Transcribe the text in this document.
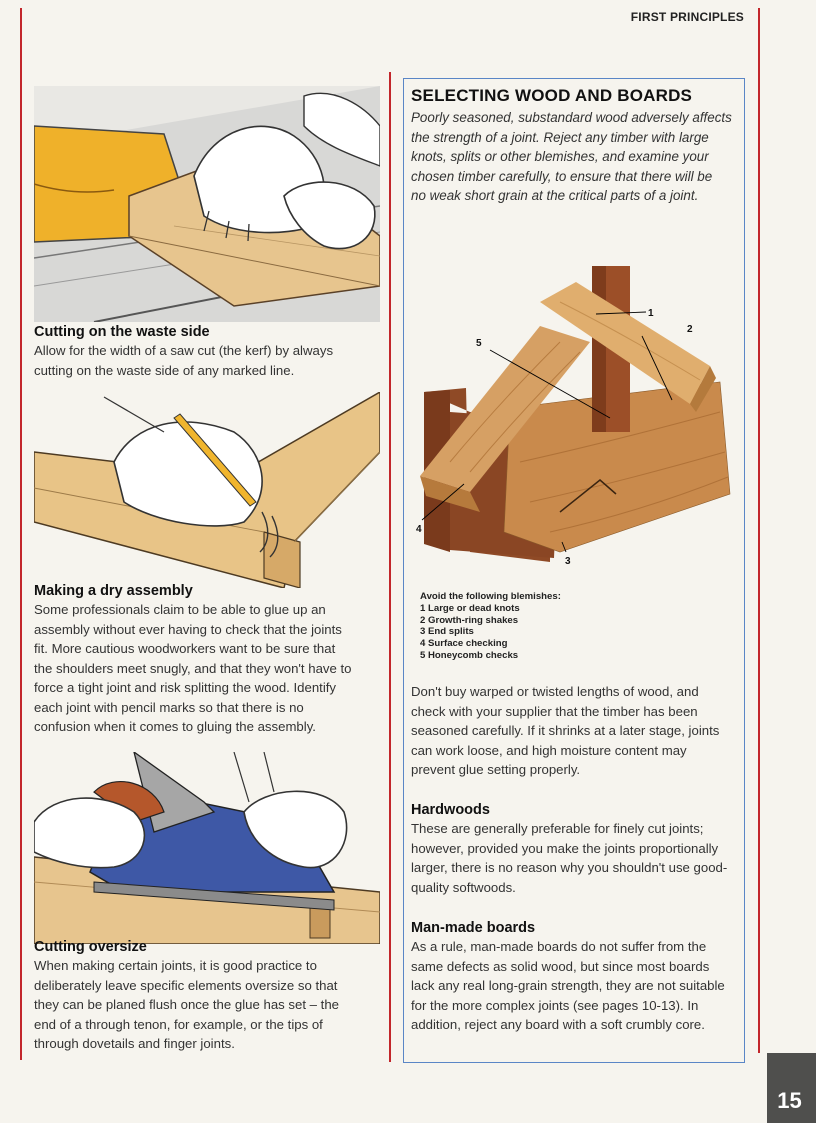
FIRST PRINCIPLES

Cutting on the waste side

Allow for the width of a saw cut (the kerf) by always
cutting on the waste side of any marked line.

Making a dry assembly

Some professionals claim to be able to glue up an
assembly without ever having to check that the joints
fit. More cautious woodworkers want to be sure that
the shoulders meet snugly, and that they won't have to
force a tight joint and risk splitting the wood. Identify
each joint with pencil marks so that there is no
confusion when it comes to gluing the assembly.

Cutting oversize

When making certain joints, it is good practice to
deliberately leave specific elements oversize so that
they can be planed flush once the glue has set – the
end of a through tenon, for example, or the tips of
through dovetails and finger joints.
SELECTING WOOD AND BOARDS
Poorly seasoned, substandard wood adversely affects
the strength of a joint. Reject any timber with large
knots, splits or other blemishes, and examine your
chosen timber carefully, to ensure that there will be
no weak short grain at the critical parts of a joint.
1
2
3
4
5
Avoid the following blemishes:
1 Large or dead knots
2 Growth-ring shakes
3 End splits
4 Surface checking
5 Honeycomb checks
Don't buy warped or twisted lengths of wood, and
check with your supplier that the timber has been
seasoned carefully. If it shrinks at a later stage, joints
can work loose, and high moisture content may
prevent glue setting properly.

Hardwoods

These are generally preferable for finely cut joints;
however, provided you make the joints proportionally
larger, there is no reason why you shouldn't use good-
quality softwoods.

Man-made boards

As a rule, man-made boards do not suffer from the
same defects as solid wood, but since most boards
lack any real long-grain strength, they are not suitable
for the more complex joints (see pages 10-13). In
addition, reject any board with a soft crumbly core.
15
